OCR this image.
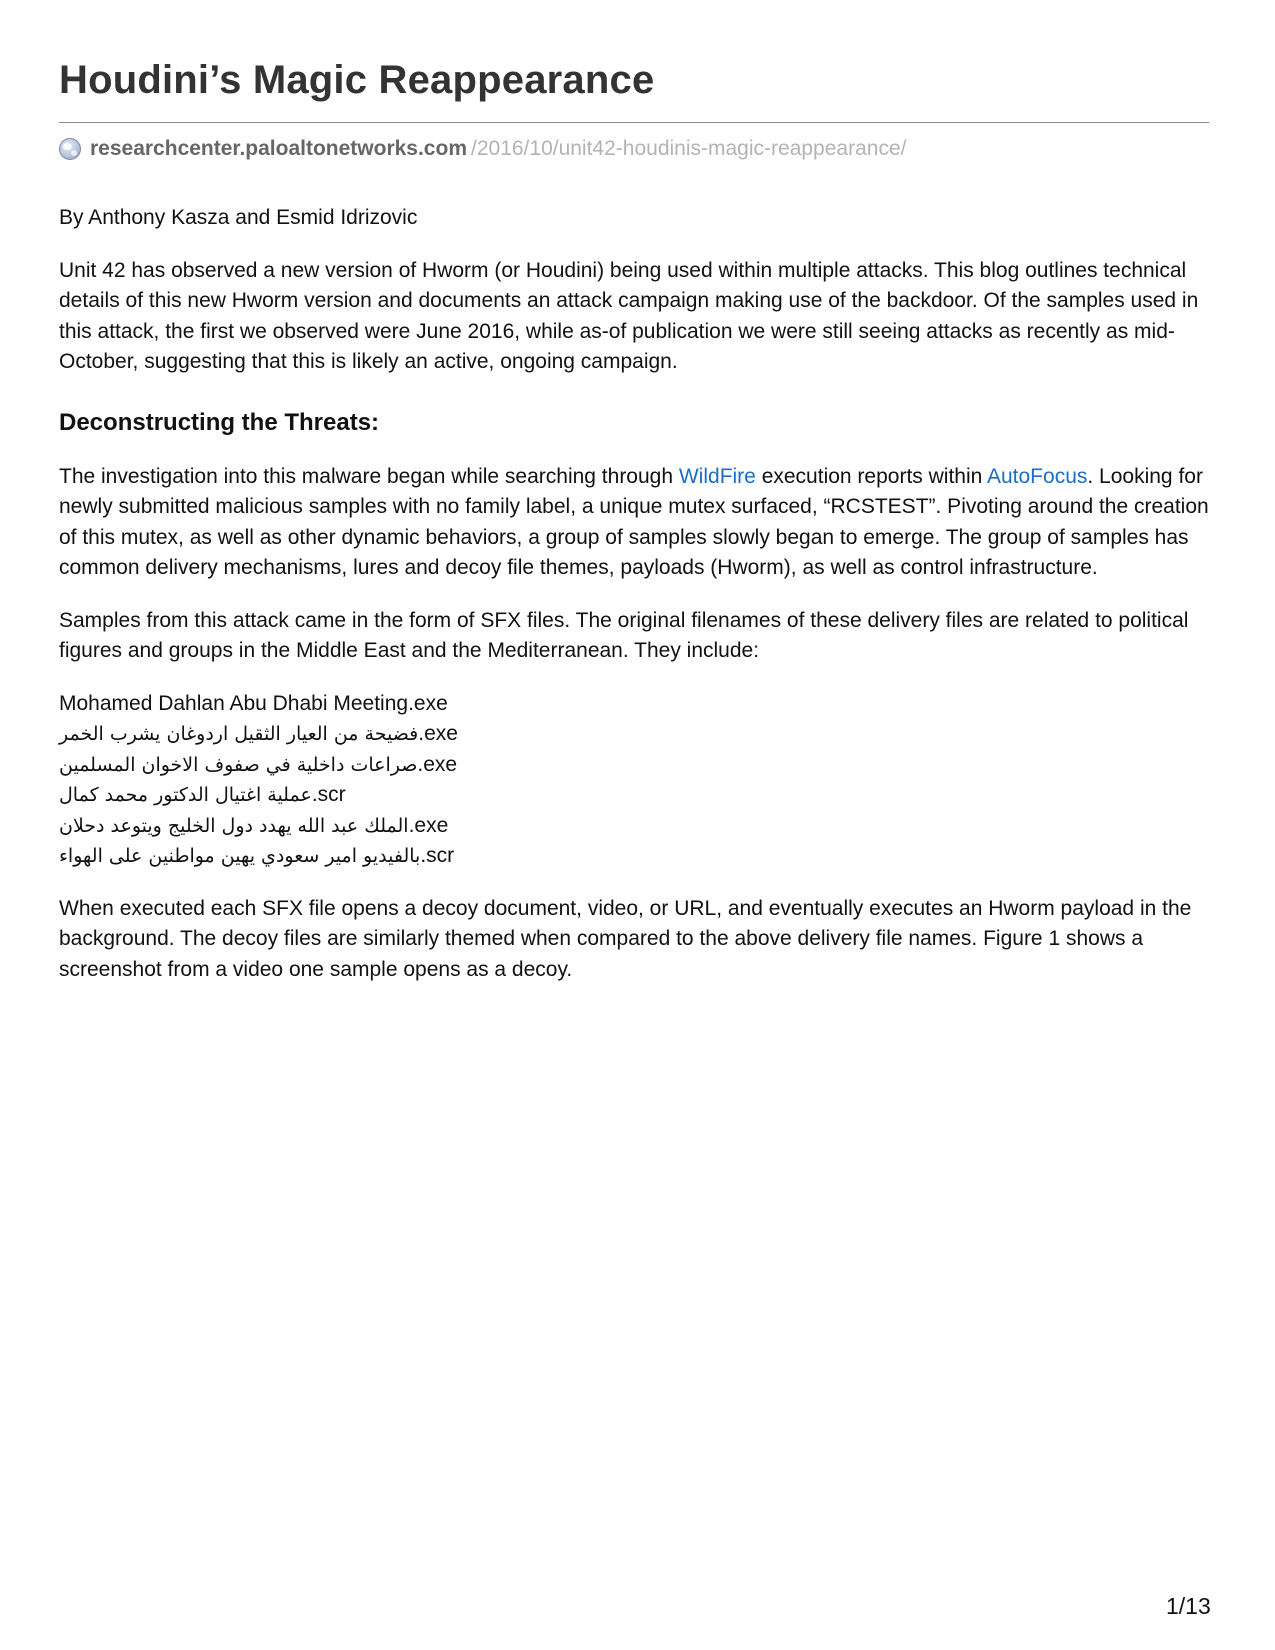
Houdini’s Magic Reappearance
researchcenter.paloaltonetworks.com /2016/10/unit42-houdinis-magic-reappearance/

By Anthony Kasza and Esmid Idrizovic

Unit 42 has observed a new version of Hworm (or Houdini) being used within multiple attacks. This blog outlines technical details of this new Hworm version and documents an attack campaign making use of the backdoor. Of the samples used in this attack, the first we observed were June 2016, while as-of publication we were still seeing attacks as recently as mid-October, suggesting that this is likely an active, ongoing campaign.

Deconstructing the Threats:

The investigation into this malware began while searching through WildFire execution reports within AutoFocus. Looking for newly submitted malicious samples with no family label, a unique mutex surfaced, “RCSTEST”. Pivoting around the creation of this mutex, as well as other dynamic behaviors, a group of samples slowly began to emerge. The group of samples has common delivery mechanisms, lures and decoy file themes, payloads (Hworm), as well as control infrastructure.

Samples from this attack came in the form of SFX files. The original filenames of these delivery files are related to political figures and groups in the Middle East and the Mediterranean. They include:

Mohamed Dahlan Abu Dhabi Meeting.exe
فضيحة من العيار الثقيل اردوغان يشرب الخمر.exe
صراعات داخلية في صفوف الاخوان المسلمين.exe
عملية اغتيال الدكتور محمد كمال.scr
الملك عبد الله يهدد دول الخليج ويتوعد دحلان.exe
بالفيديو امير سعودي يهين مواطنين على الهواء.scr

When executed each SFX file opens a decoy document, video, or URL, and eventually executes an Hworm payload in the background. The decoy files are similarly themed when compared to the above delivery file names. Figure 1 shows a screenshot from a video one sample opens as a decoy.

1/13
